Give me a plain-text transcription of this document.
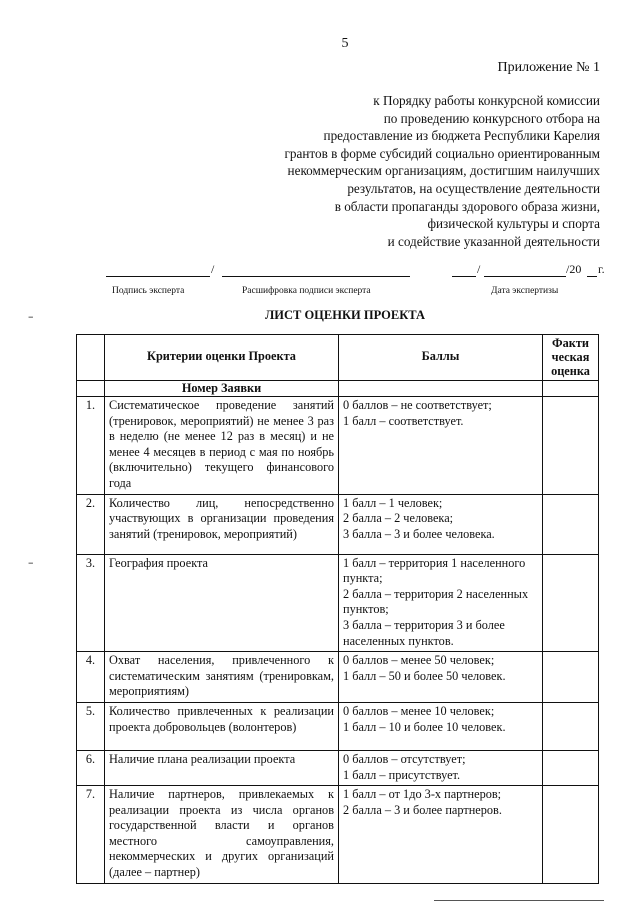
5
Приложение № 1
к Порядку работы конкурсной комиссии
по проведению конкурсного отбора на
предоставление из бюджета Республики Карелия
грантов в форме субсидий социально ориентированным
некоммерческим организациям, достигшим наилучших
результатов, на осуществление деятельности
в области пропаганды здорового образа жизни,
физической культуры и спорта
и содействие указанной деятельности
/	/	/20 г.
Подпись эксперта	Расшифровка подписи эксперта	Дата экспертизы
–
–
ЛИСТ ОЦЕНКИ ПРОЕКТА
	Критерии оценки Проекта	Баллы	Факти
ческая
оценка

	Номер Заявки		
1.	Систематическое проведение занятий (тренировок, мероприятий) не менее 3 раз в неделю (не менее 12 раз в месяц) и не менее 4 месяцев в период с мая по ноябрь (включительно) текущего финансового года	0 баллов – не соответствует;
1 балл – соответствует.	

2.	Количество лиц, непосредственно участвующих в организации проведения занятий (тренировок, мероприятий)	1 балл – 1 человек;
2 балла – 2 человека;
3 балла – 3 и более человека.	

3.	География проекта	1 балл – территория 1 населенного пункта;
2 балла – территория 2 населенных пунктов;
3 балла – территория 3 и более населенных пунктов.	

4.	Охват населения, привлеченного к систематическим занятиям (тренировкам, мероприятиям)	0 баллов – менее 50 человек;
1 балл – 50 и более 50 человек.	

5.	Количество привлеченных к реализации проекта добровольцев (волонтеров)	0 баллов – менее 10 человек;
1 балл – 10 и более 10 человек.	

6.	Наличие плана реализации проекта	0 баллов – отсутствует;
1 балл – присутствует.	

7.	Наличие партнеров, привлекаемых к реализации проекта из числа органов государственной власти и органов местного самоуправления, некоммерческих и других организаций (далее – партнер)	1 балл – от 1до 3-х партнеров;
2 балла – 3 и более партнеров.	
